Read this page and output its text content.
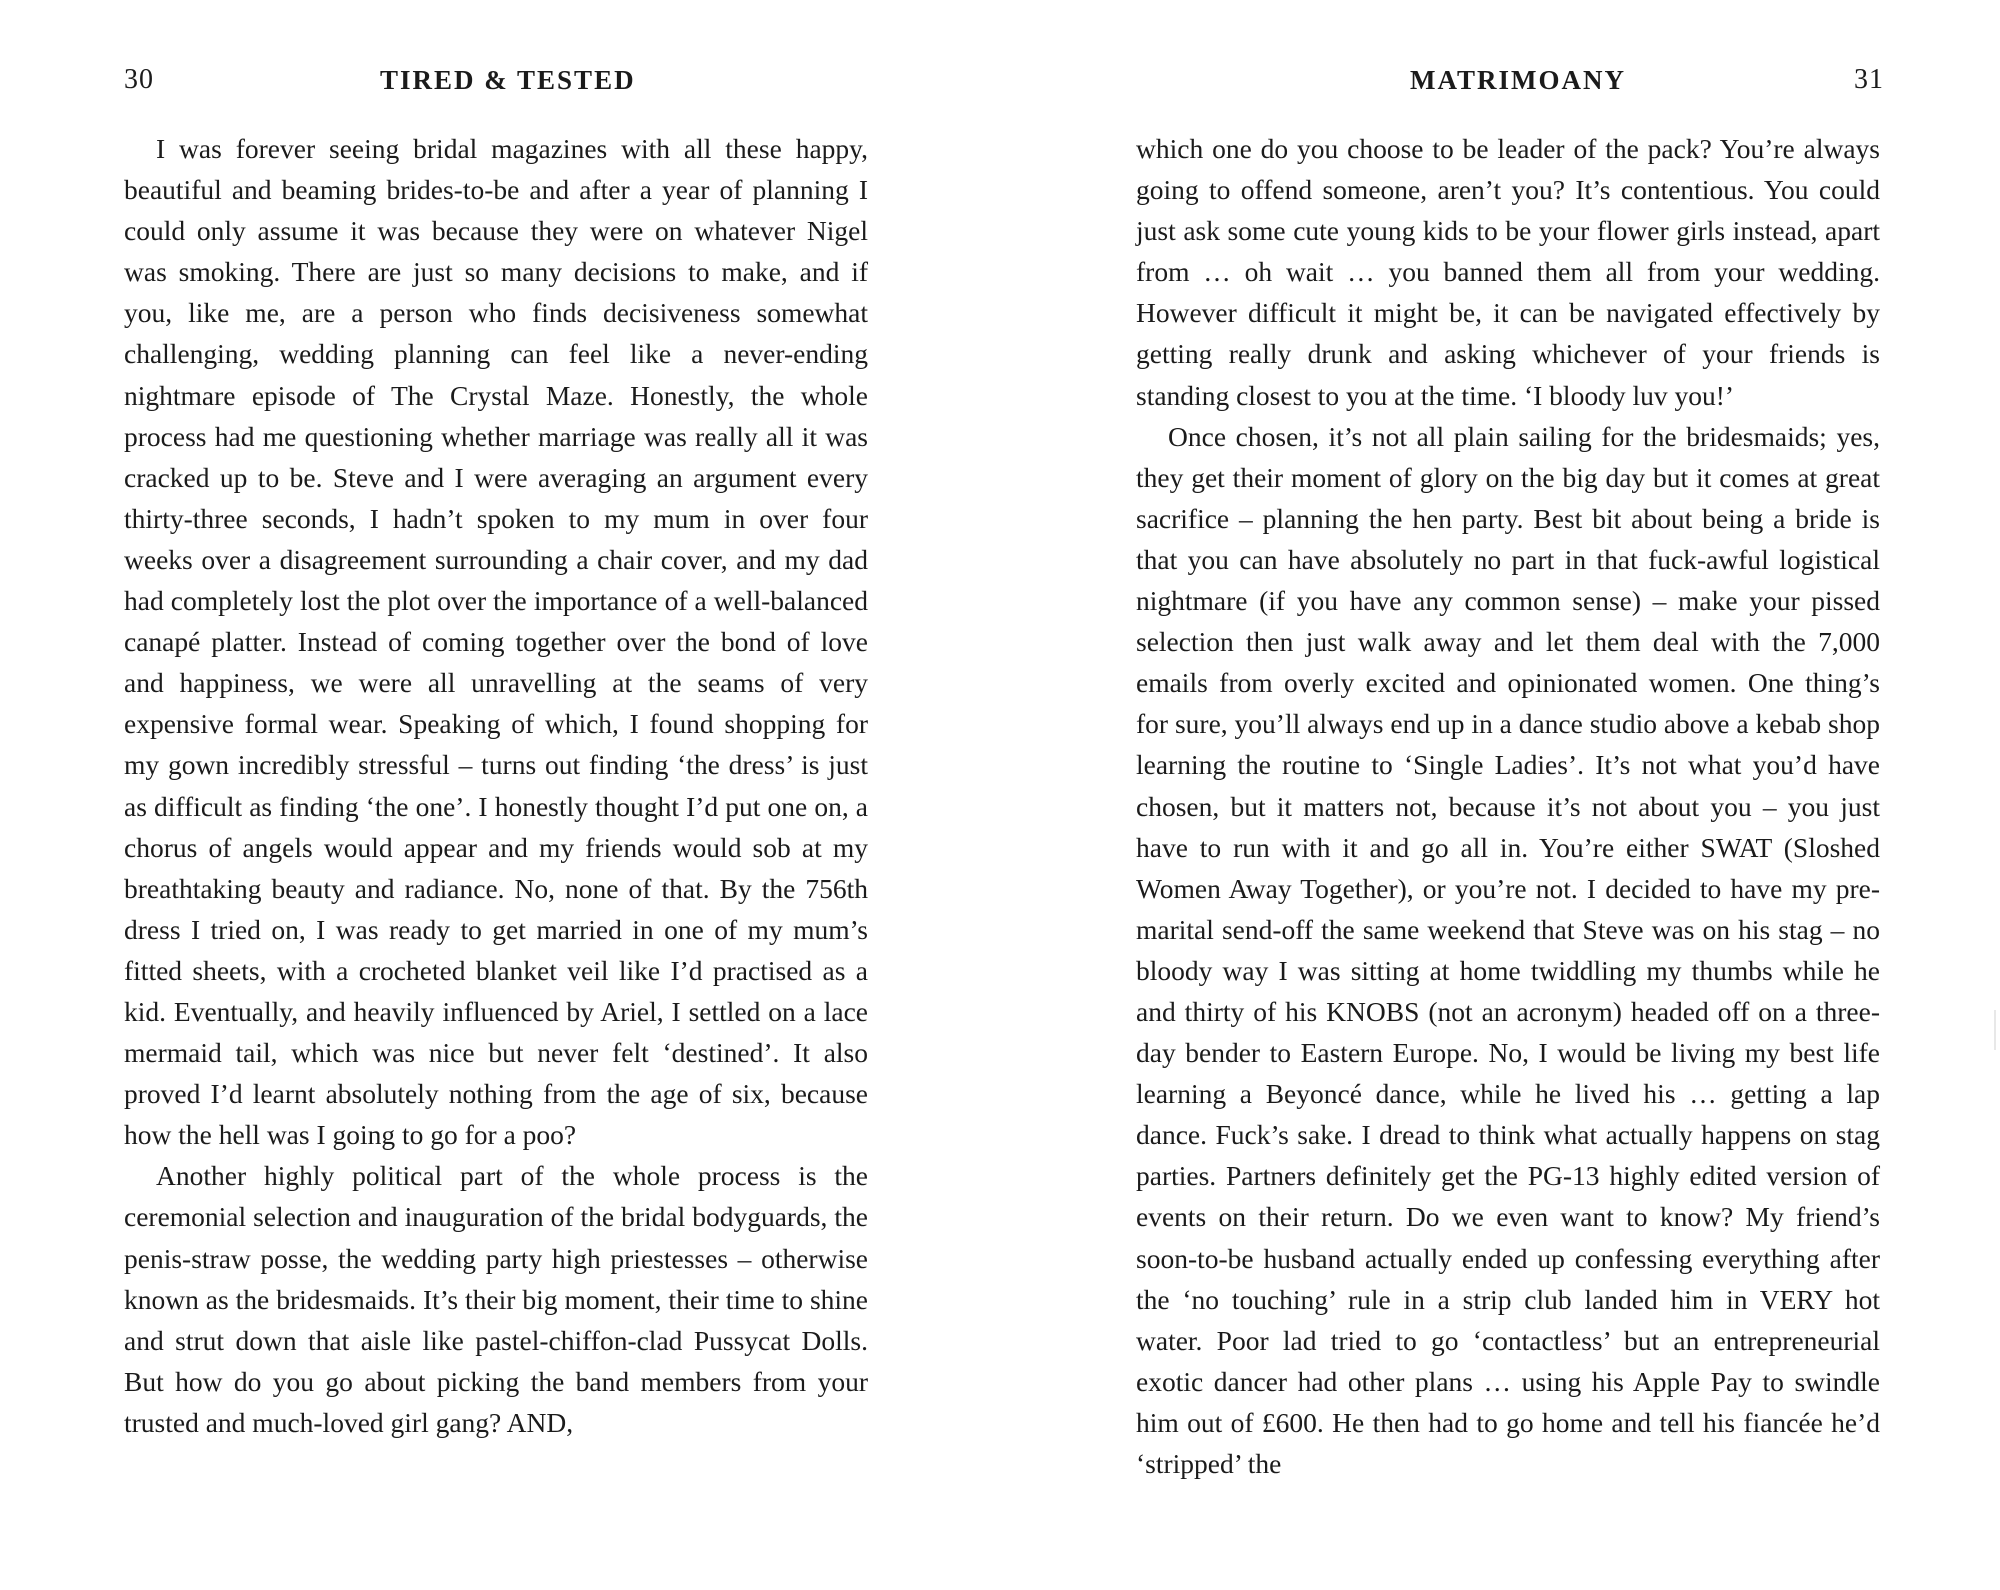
30	TIRED & TESTED

I was forever seeing bridal magazines with all these happy, beautiful and beaming brides-to-be and after a year of planning I could only assume it was because they were on whatever Nigel was smoking. There are just so many decisions to make, and if you, like me, are a person who finds decisiveness somewhat challenging, wedding planning can feel like a never-ending nightmare episode of The Crystal Maze. Honestly, the whole process had me questioning whether marriage was really all it was cracked up to be. Steve and I were averaging an argument every thirty-three seconds, I hadn’t spoken to my mum in over four weeks over a disagreement surrounding a chair cover, and my dad had completely lost the plot over the importance of a well-balanced canapé platter. Instead of coming together over the bond of love and happiness, we were all unravelling at the seams of very expensive formal wear. Speaking of which, I found shopping for my gown incredibly stressful – turns out finding ‘the dress’ is just as difficult as finding ‘the one’. I honestly thought I’d put one on, a chorus of angels would appear and my friends would sob at my breathtaking beauty and radiance. No, none of that. By the 756th dress I tried on, I was ready to get married in one of my mum’s fitted sheets, with a crocheted blanket veil like I’d practised as a kid. Eventually, and heavily influenced by Ariel, I settled on a lace mermaid tail, which was nice but never felt ‘destined’. It also proved I’d learnt absolutely nothing from the age of six, because how the hell was I going to go for a poo?

Another highly political part of the whole process is the ceremonial selection and inauguration of the bridal bodyguards, the penis-straw posse, the wedding party high priestesses – otherwise known as the bridesmaids. It’s their big moment, their time to shine and strut down that aisle like pastel-chiffon-clad Pussycat Dolls. But how do you go about picking the band members from your trusted and much-loved girl gang? AND,

MATRIMOANY	31

which one do you choose to be leader of the pack? You’re always going to offend someone, aren’t you? It’s contentious. You could just ask some cute young kids to be your flower girls instead, apart from … oh wait … you banned them all from your wedding. However difficult it might be, it can be navigated effectively by getting really drunk and asking whichever of your friends is standing closest to you at the time. ‘I bloody luv you!’

Once chosen, it’s not all plain sailing for the bridesmaids; yes, they get their moment of glory on the big day but it comes at great sacrifice – planning the hen party. Best bit about being a bride is that you can have absolutely no part in that fuck-awful logistical nightmare (if you have any common sense) – make your pissed selection then just walk away and let them deal with the 7,000 emails from overly excited and opinionated women. One thing’s for sure, you’ll always end up in a dance studio above a kebab shop learning the routine to ‘Single Ladies’. It’s not what you’d have chosen, but it matters not, because it’s not about you – you just have to run with it and go all in. You’re either SWAT (Sloshed Women Away Together), or you’re not. I decided to have my pre-marital send-off the same weekend that Steve was on his stag – no bloody way I was sitting at home twiddling my thumbs while he and thirty of his KNOBS (not an acronym) headed off on a three-day bender to Eastern Europe. No, I would be living my best life learning a Beyoncé dance, while he lived his … getting a lap dance. Fuck’s sake. I dread to think what actually happens on stag parties. Partners definitely get the PG-13 highly edited version of events on their return. Do we even want to know? My friend’s soon-to-be husband actually ended up confessing everything after the ‘no touching’ rule in a strip club landed him in VERY hot water. Poor lad tried to go ‘contactless’ but an entrepreneurial exotic dancer had other plans … using his Apple Pay to swindle him out of £600. He then had to go home and tell his fiancée he’d ‘stripped’ the
